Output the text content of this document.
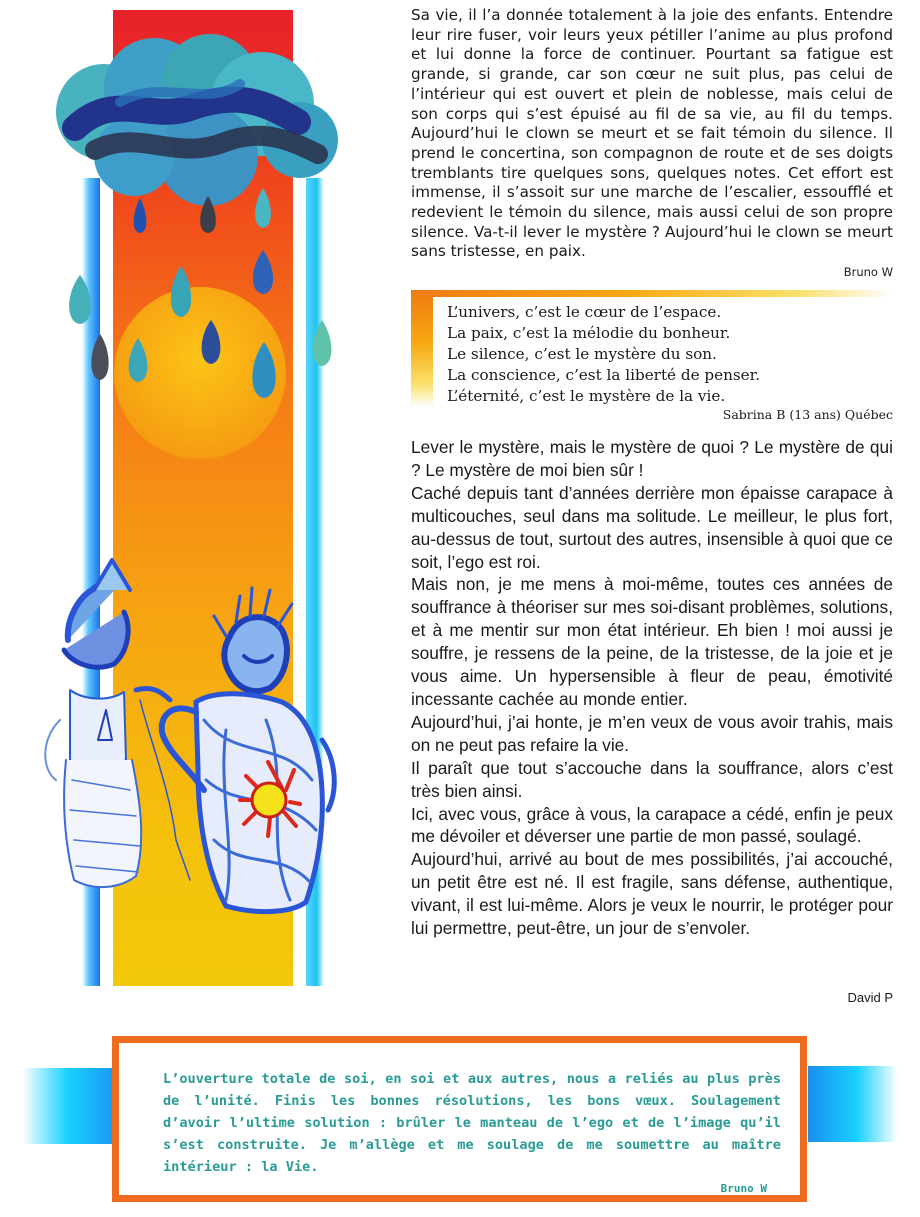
Sa vie, il l’a donnée totalement à la joie des enfants. Entendre leur rire fuser, voir leurs yeux pétiller l’anime au plus profond et lui donne la force de continuer. Pourtant sa fatigue est grande, si grande, car son cœur ne suit plus, pas celui de l’intérieur qui est ouvert et plein de noblesse, mais celui de son corps qui s’est épuisé au fil de sa vie, au fil du temps. Aujourd’hui le clown se meurt et se fait témoin du silence. Il prend le concertina, son compagnon de route et de ses doigts tremblants tire quelques sons, quelques notes. Cet effort est immense, il s’assoit sur une marche de l’escalier, essoufflé et redevient le témoin du silence, mais aussi celui de son propre silence. Va-t-il lever le mystère ? Aujourd’hui le clown se meurt sans tristesse, en paix.

Bruno W
L’univers, c’est le cœur de l’espace.
La paix, c’est la mélodie du bonheur.
Le silence, c’est le mystère du son.
La conscience, c’est la liberté de penser.
L’éternité, c’est le mystère de la vie.
Sabrina B (13 ans) Québec

Lever le mystère, mais le mystère de quoi ? Le mystère de qui ? Le mystère de moi bien sûr !

Caché depuis tant d’années derrière mon épaisse carapace à multicouches, seul dans ma solitude. Le meilleur, le plus fort, au-dessus de tout, surtout des autres, insensible à quoi que ce soit, l’ego est roi.

Mais non, je me mens à moi-même, toutes ces années de souffrance à théoriser sur mes soi-disant problèmes, solutions, et à me mentir sur mon état intérieur. Eh bien ! moi aussi je souffre, je ressens de la peine, de la tristesse, de la joie et je vous aime. Un hypersensible à fleur de peau, émotivité incessante cachée au monde entier.

Aujourd’hui, j’ai honte, je m’en veux de vous avoir trahis, mais on ne peut pas refaire la vie.

Il paraît que tout s’accouche dans la souffrance, alors c’est très bien ainsi.

Ici, avec vous, grâce à vous, la carapace a cédé, enfin je peux me dévoiler et déverser une partie de mon passé, soulagé.

Aujourd’hui, arrivé au bout de mes possibilités, j’ai accouché, un petit être est né. Il est fragile, sans défense, authentique, vivant, il est lui-même. Alors je veux le nourrir, le protéger pour lui permettre, peut-être, un jour de s’envoler.

David P

L’ouverture totale de soi, en soi et aux autres, nous a reliés au plus près de l’unité. Finis les bonnes résolutions, les bons vœux. Soulagement d’avoir l’ultime solution : brûler le manteau de l’ego et de l’image qu’il s’est construite. Je m’allège et me soulage de me soumettre au maître intérieur : la Vie.

Bruno W
